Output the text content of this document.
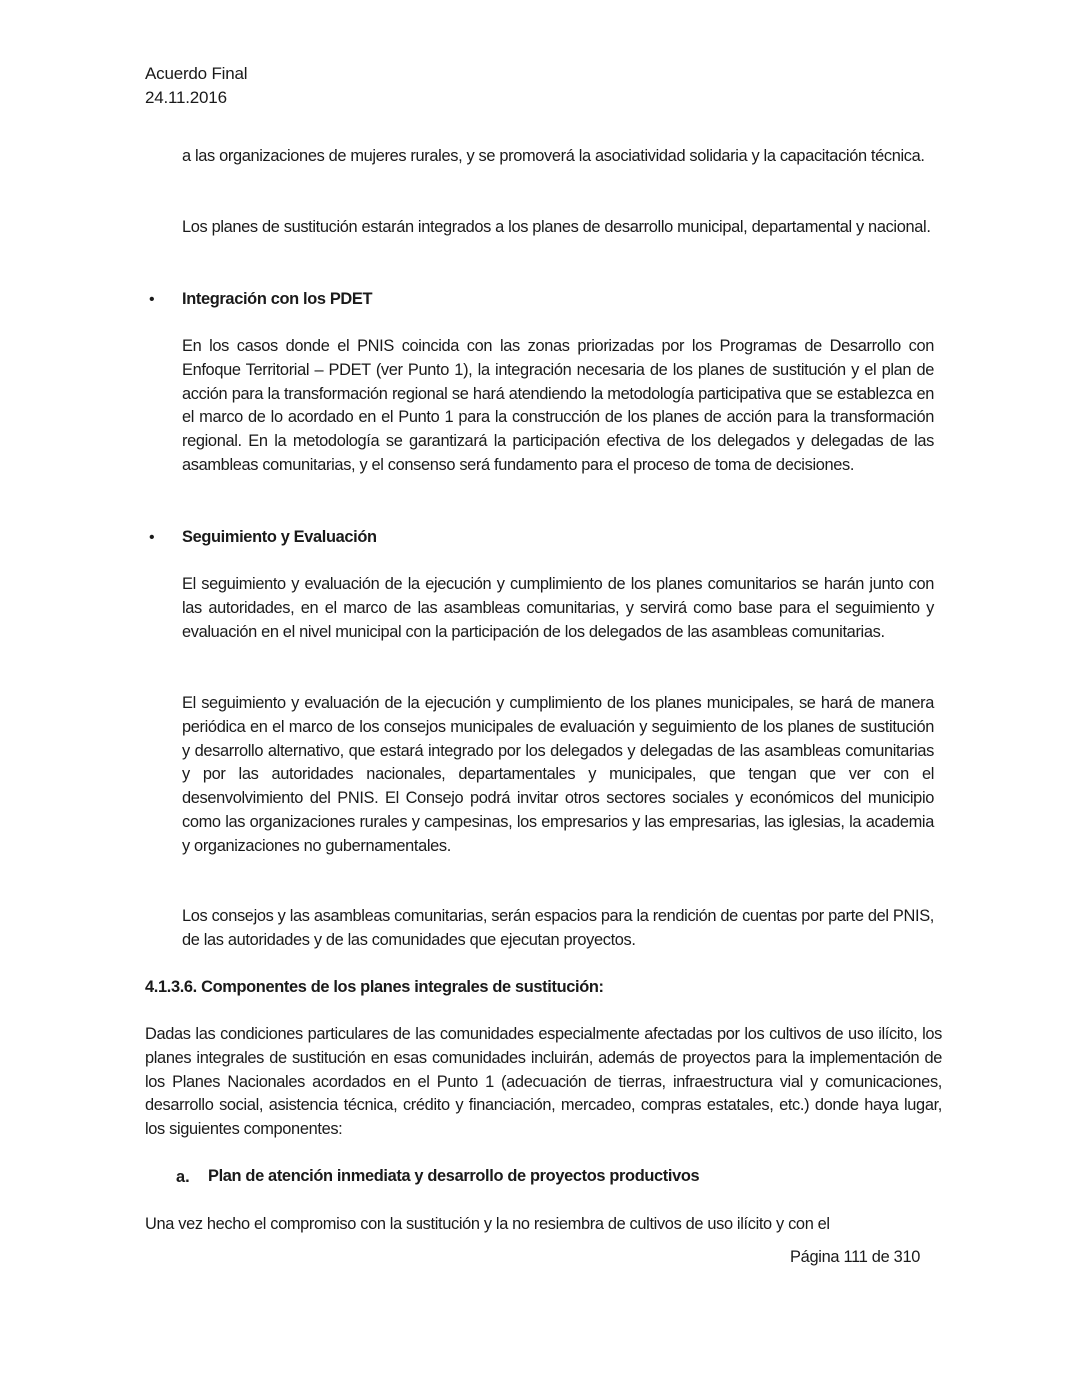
Acuerdo Final
24.11.2016
a las organizaciones de mujeres rurales, y se promoverá la asociatividad solidaria y la capacitación técnica.
Los planes de sustitución estarán integrados a los planes de desarrollo municipal, departamental y nacional.
• Integración con los PDET
En los casos donde el PNIS coincida con las zonas priorizadas por los Programas de Desarrollo con Enfoque Territorial – PDET (ver Punto 1), la integración necesaria de los planes de sustitución y el plan de acción para la transformación regional se hará atendiendo la metodología participativa que se establezca en el marco de lo acordado en el Punto 1 para la construcción de los planes de acción para la transformación regional. En la metodología se garantizará la participación efectiva de los delegados y delegadas de las asambleas comunitarias, y el consenso será fundamento para el proceso de toma de decisiones.
• Seguimiento y Evaluación
El seguimiento y evaluación de la ejecución y cumplimiento de los planes comunitarios se harán junto con las autoridades, en el marco de las asambleas comunitarias, y servirá como base para el seguimiento y evaluación en el nivel municipal con la participación de los delegados de las asambleas comunitarias.
El seguimiento y evaluación de la ejecución y cumplimiento de los planes municipales, se hará de manera periódica en el marco de los consejos municipales de evaluación y seguimiento de los planes de sustitución y desarrollo alternativo, que estará integrado por los delegados y delegadas de las asambleas comunitarias y por las autoridades nacionales, departamentales y municipales, que tengan que ver con el desenvolvimiento del PNIS. El Consejo podrá invitar otros sectores sociales y económicos del municipio como las organizaciones rurales y campesinas, los empresarios y las empresarias, las iglesias, la academia y organizaciones no gubernamentales.
Los consejos y las asambleas comunitarias, serán espacios para la rendición de cuentas por parte del PNIS, de las autoridades y de las comunidades que ejecutan proyectos.
4.1.3.6. Componentes de los planes integrales de sustitución:
Dadas las condiciones particulares de las comunidades especialmente afectadas por los cultivos de uso ilícito, los planes integrales de sustitución en esas comunidades incluirán, además de proyectos para la implementación de los Planes Nacionales acordados en el Punto 1 (adecuación de tierras, infraestructura vial y comunicaciones, desarrollo social, asistencia técnica, crédito y financiación, mercadeo, compras estatales, etc.) donde haya lugar, los siguientes componentes:
a. Plan de atención inmediata y desarrollo de proyectos productivos
Una vez hecho el compromiso con la sustitución y la no resiembra de cultivos de uso ilícito y con el
Página 111 de 310
